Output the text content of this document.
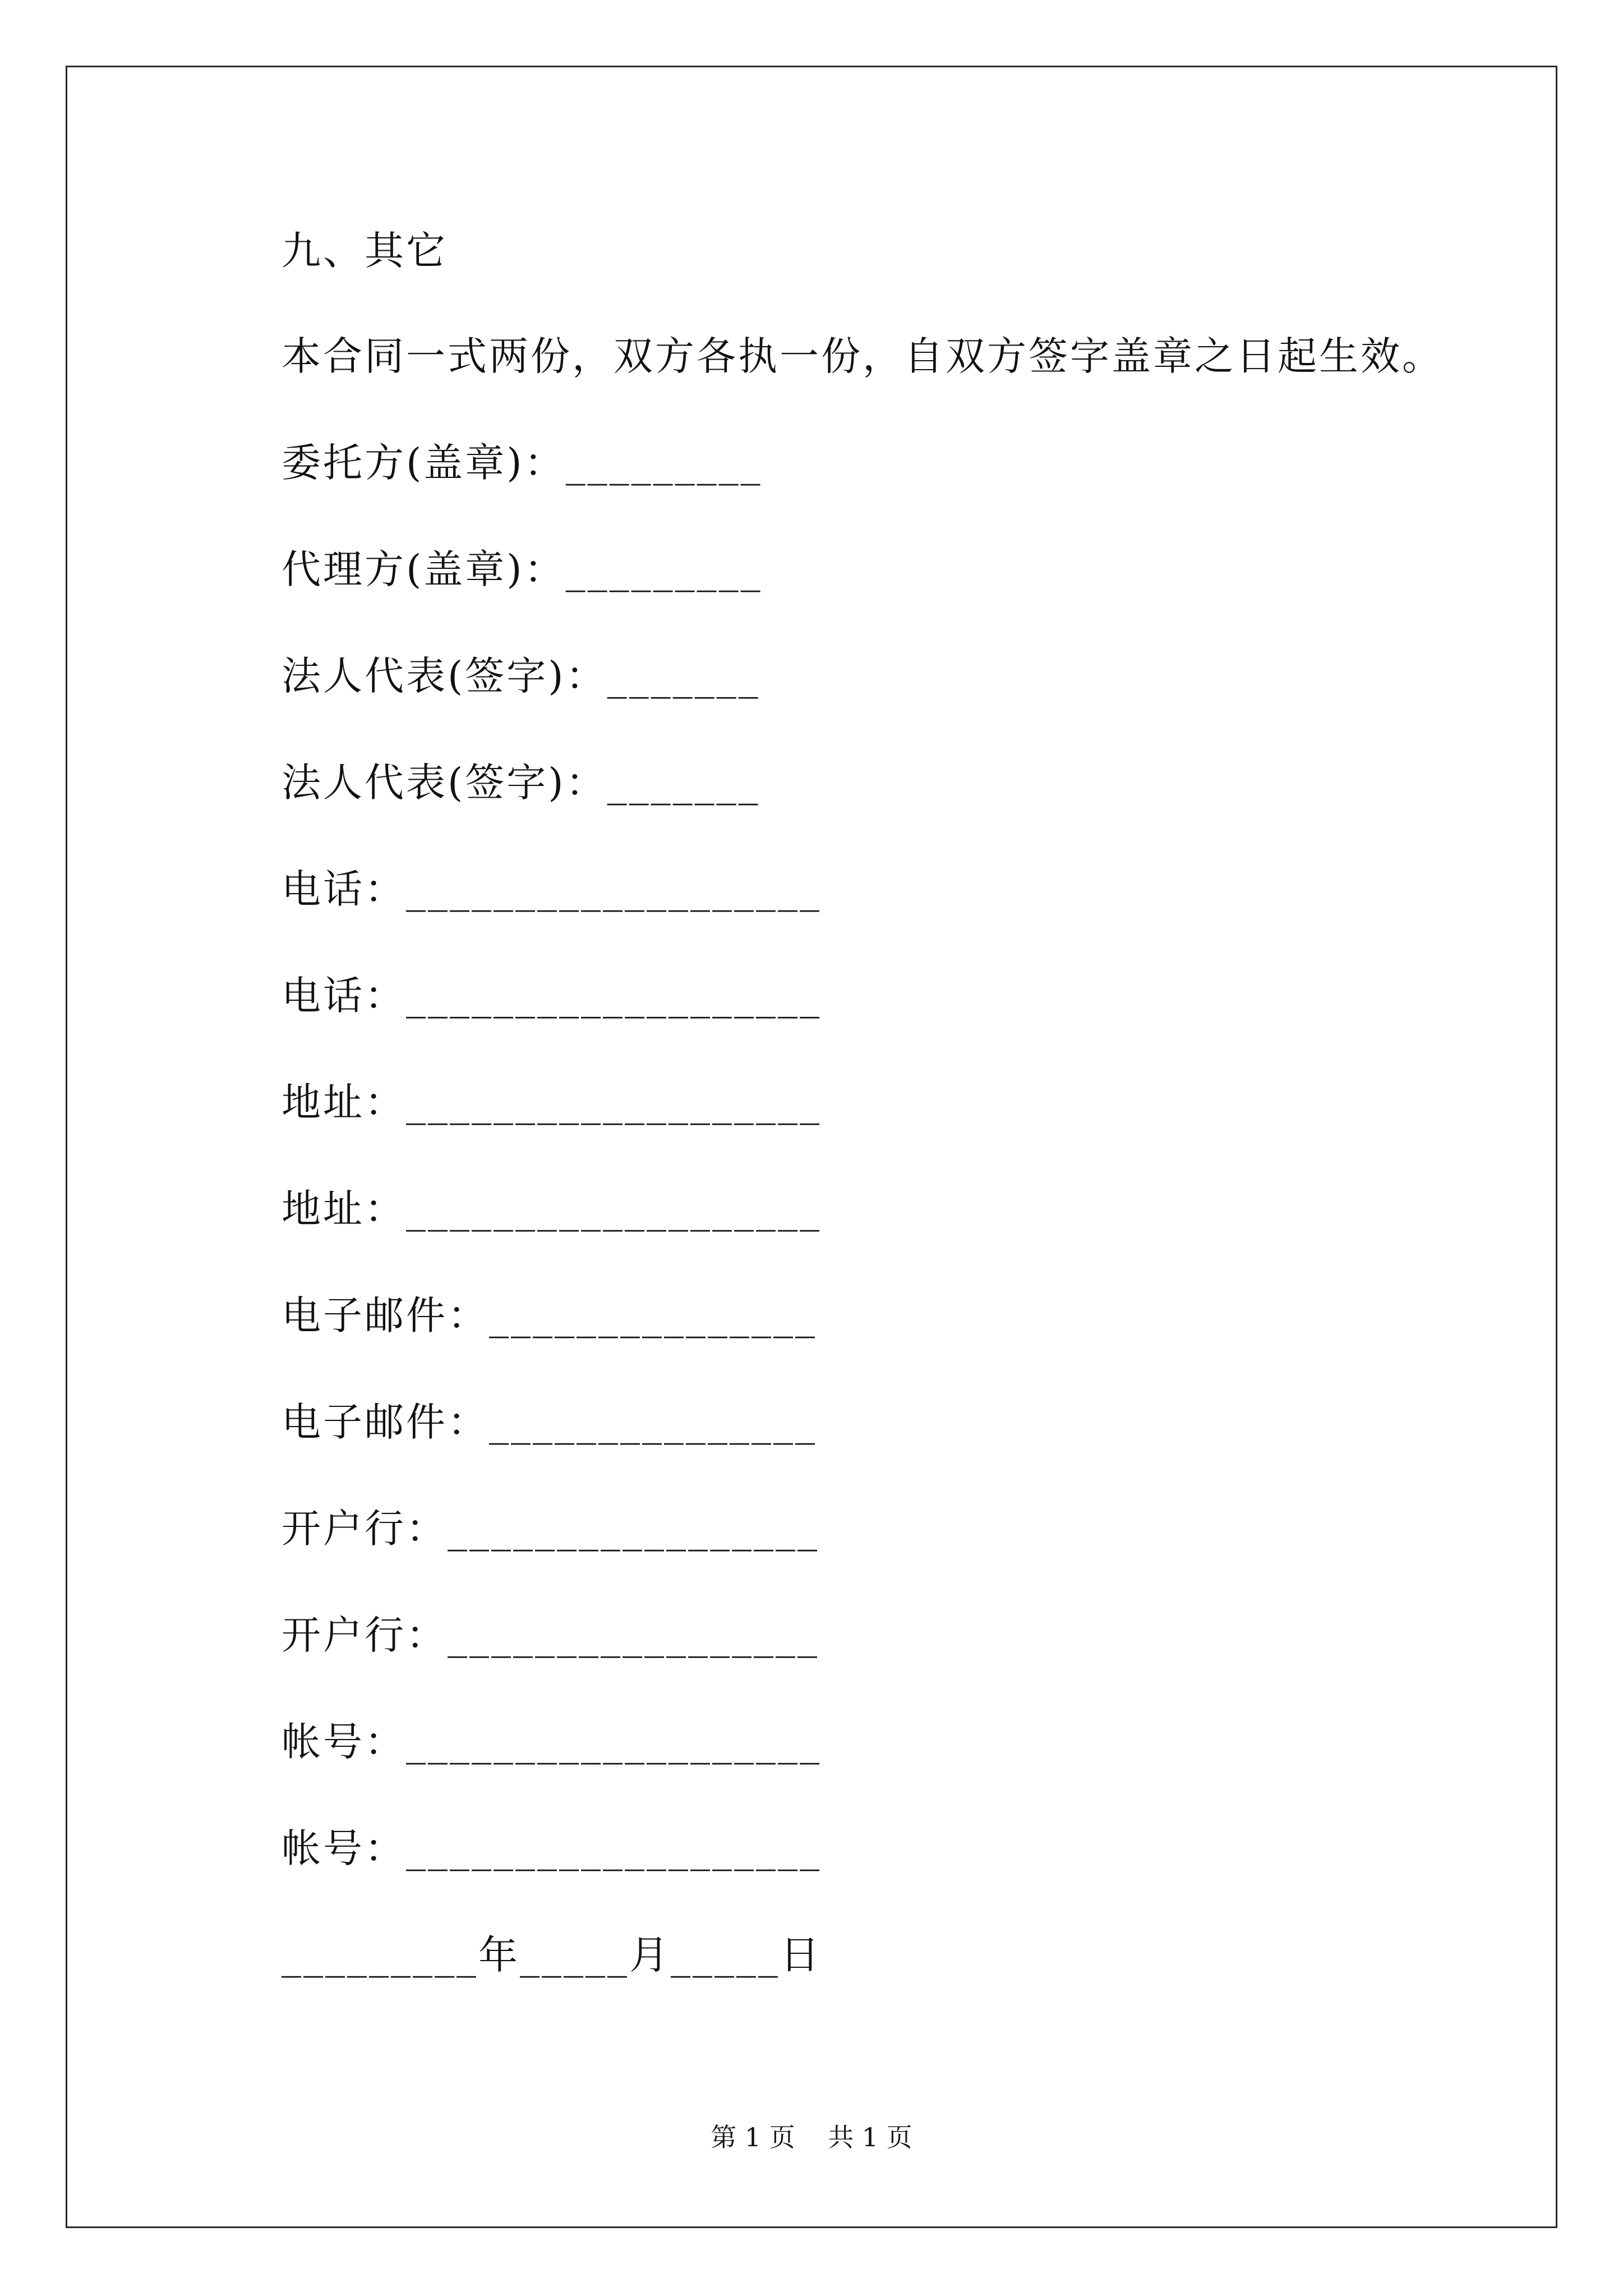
九、其它
本合同一式两份，双方各执一份，自双方签字盖章之日起生效。
委托方(盖章)：_________
代理方(盖章)：_________
法人代表(签字)：_______
法人代表(签字)：_______
电话：___________________
电话：___________________
地址：___________________
地址：___________________
电子邮件：_______________
电子邮件：_______________
开户行：_________________
开户行：_________________
帐号：___________________
帐号：___________________
_________年_____月_____日
第 1 页    共 1 页
